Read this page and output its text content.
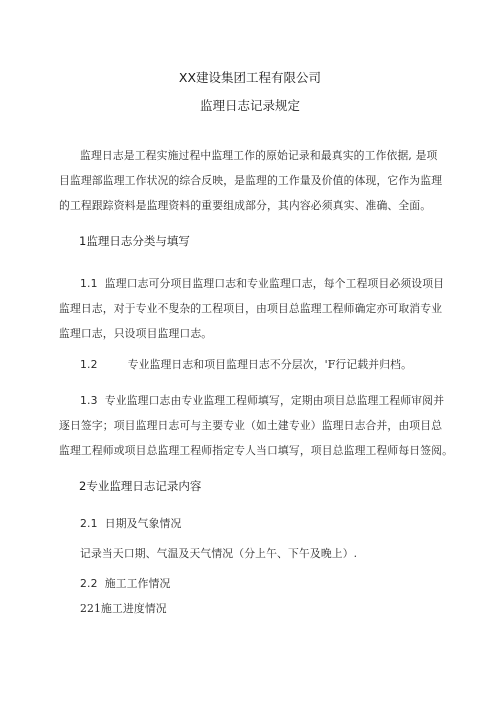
XX建设集团工程有限公司
监理日志记录规定
监理日志是工程实施过程中监理工作的原始记录和最真实的工作依据, 是项
目监理部监理工作状况的综合反映，是监理的工作量及价值的体现，它作为监理
的工程跟踪资料是监理资料的重要组成部分，其内容必须真实、准确、全面。
1监理日志分类与填写
1.1 监理口志可分项目监理口志和专业监理口志，每个工程项目必须设项目
监理日志，对于专业不叟杂的工程项目，由项目总监理工程师确定亦可取消专业
监理口志，只设项目监理口志。
1.2	专业监理日志和项目监理日志不分层次，'F行记载并归档。
1.3 专业监理口志由专业监理工程师填写，定期由项目总监理工程师审阅并
逐日签字；项目监理日志可与主要专业（如土建专业）监理日志合并，由项目总
监理工程师或项目总监理工程师指定专人当口填写，项目总监理工程师每日签阅。
2专业监理日志记录内容
2.1 日期及气象情况
记录当天口期、气温及天气情况（分上午、下午及晚上）.
2.2 施工工作情况
221施工进度情况
